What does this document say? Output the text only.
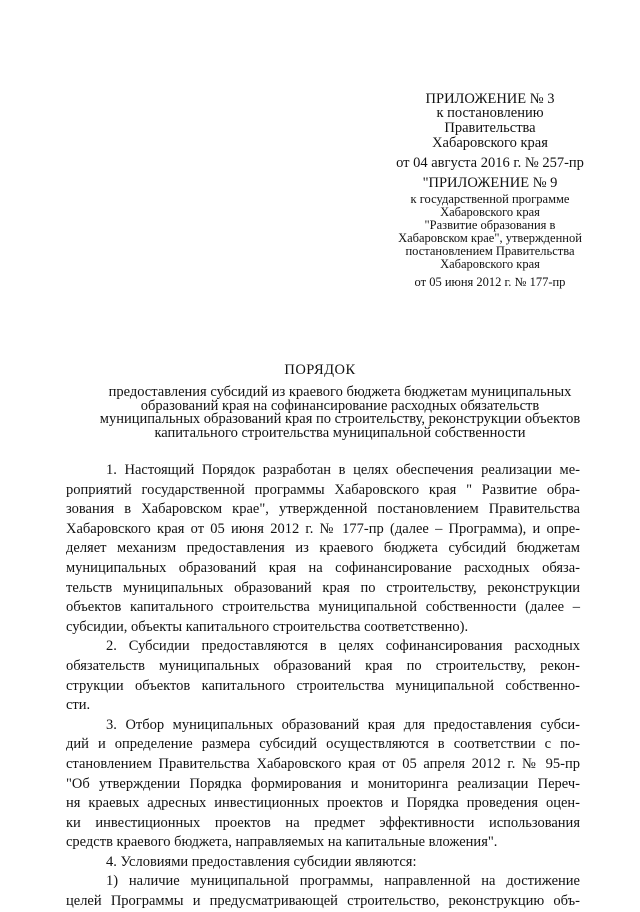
ПРИЛОЖЕНИЕ № 3
к постановлению
Правительства
Хабаровского края
от 04 августа 2016 г. № 257-пр
"ПРИЛОЖЕНИЕ № 9
к государственной программе
Хабаровского края
"Развитие образования в
Хабаровском крае", утвержденной
постановлением Правительства
Хабаровского края
от 05 июня 2012 г. № 177-пр
ПОРЯДОК
предоставления субсидий из краевого бюджета бюджетам муниципальных
образований края на софинансирование расходных обязательств
муниципальных образований края по строительству, реконструкции объектов
капитального строительства муниципальной собственности
1. Настоящий Порядок разработан в целях обеспечения реализации ме-
роприятий государственной программы Хабаровского края " Развитие обра-
зования в Хабаровском крае", утвержденной постановлением Правительства
Хабаровского края от 05 июня 2012 г. № 177-пр (далее – Программа), и опре-
деляет механизм предоставления из краевого бюджета субсидий бюджетам
муниципальных образований края на софинансирование расходных обяза-
тельств муниципальных образований края по строительству, реконструкции
объектов капитального строительства муниципальной собственности (далее –
субсидии, объекты капитального строительства соответственно).
2. Субсидии предоставляются в целях софинансирования расходных
обязательств муниципальных образований края по строительству, рекон-
струкции объектов капитального строительства муниципальной собственно-
сти.
3. Отбор муниципальных образований края для предоставления субси-
дий и определение размера субсидий осуществляются в соответствии с по-
становлением Правительства Хабаровского края от 05 апреля 2012 г. № 95-пр
"Об утверждении Порядка формирования и мониторинга реализации Переч-
ня краевых адресных инвестиционных проектов и Порядка проведения оцен-
ки инвестиционных проектов на предмет эффективности использования
средств краевого бюджета, направляемых на капитальные вложения".
4. Условиями предоставления субсидии являются:
1) наличие муниципальной программы, направленной на достижение
целей Программы и предусматривающей строительство, реконструкцию объ-
